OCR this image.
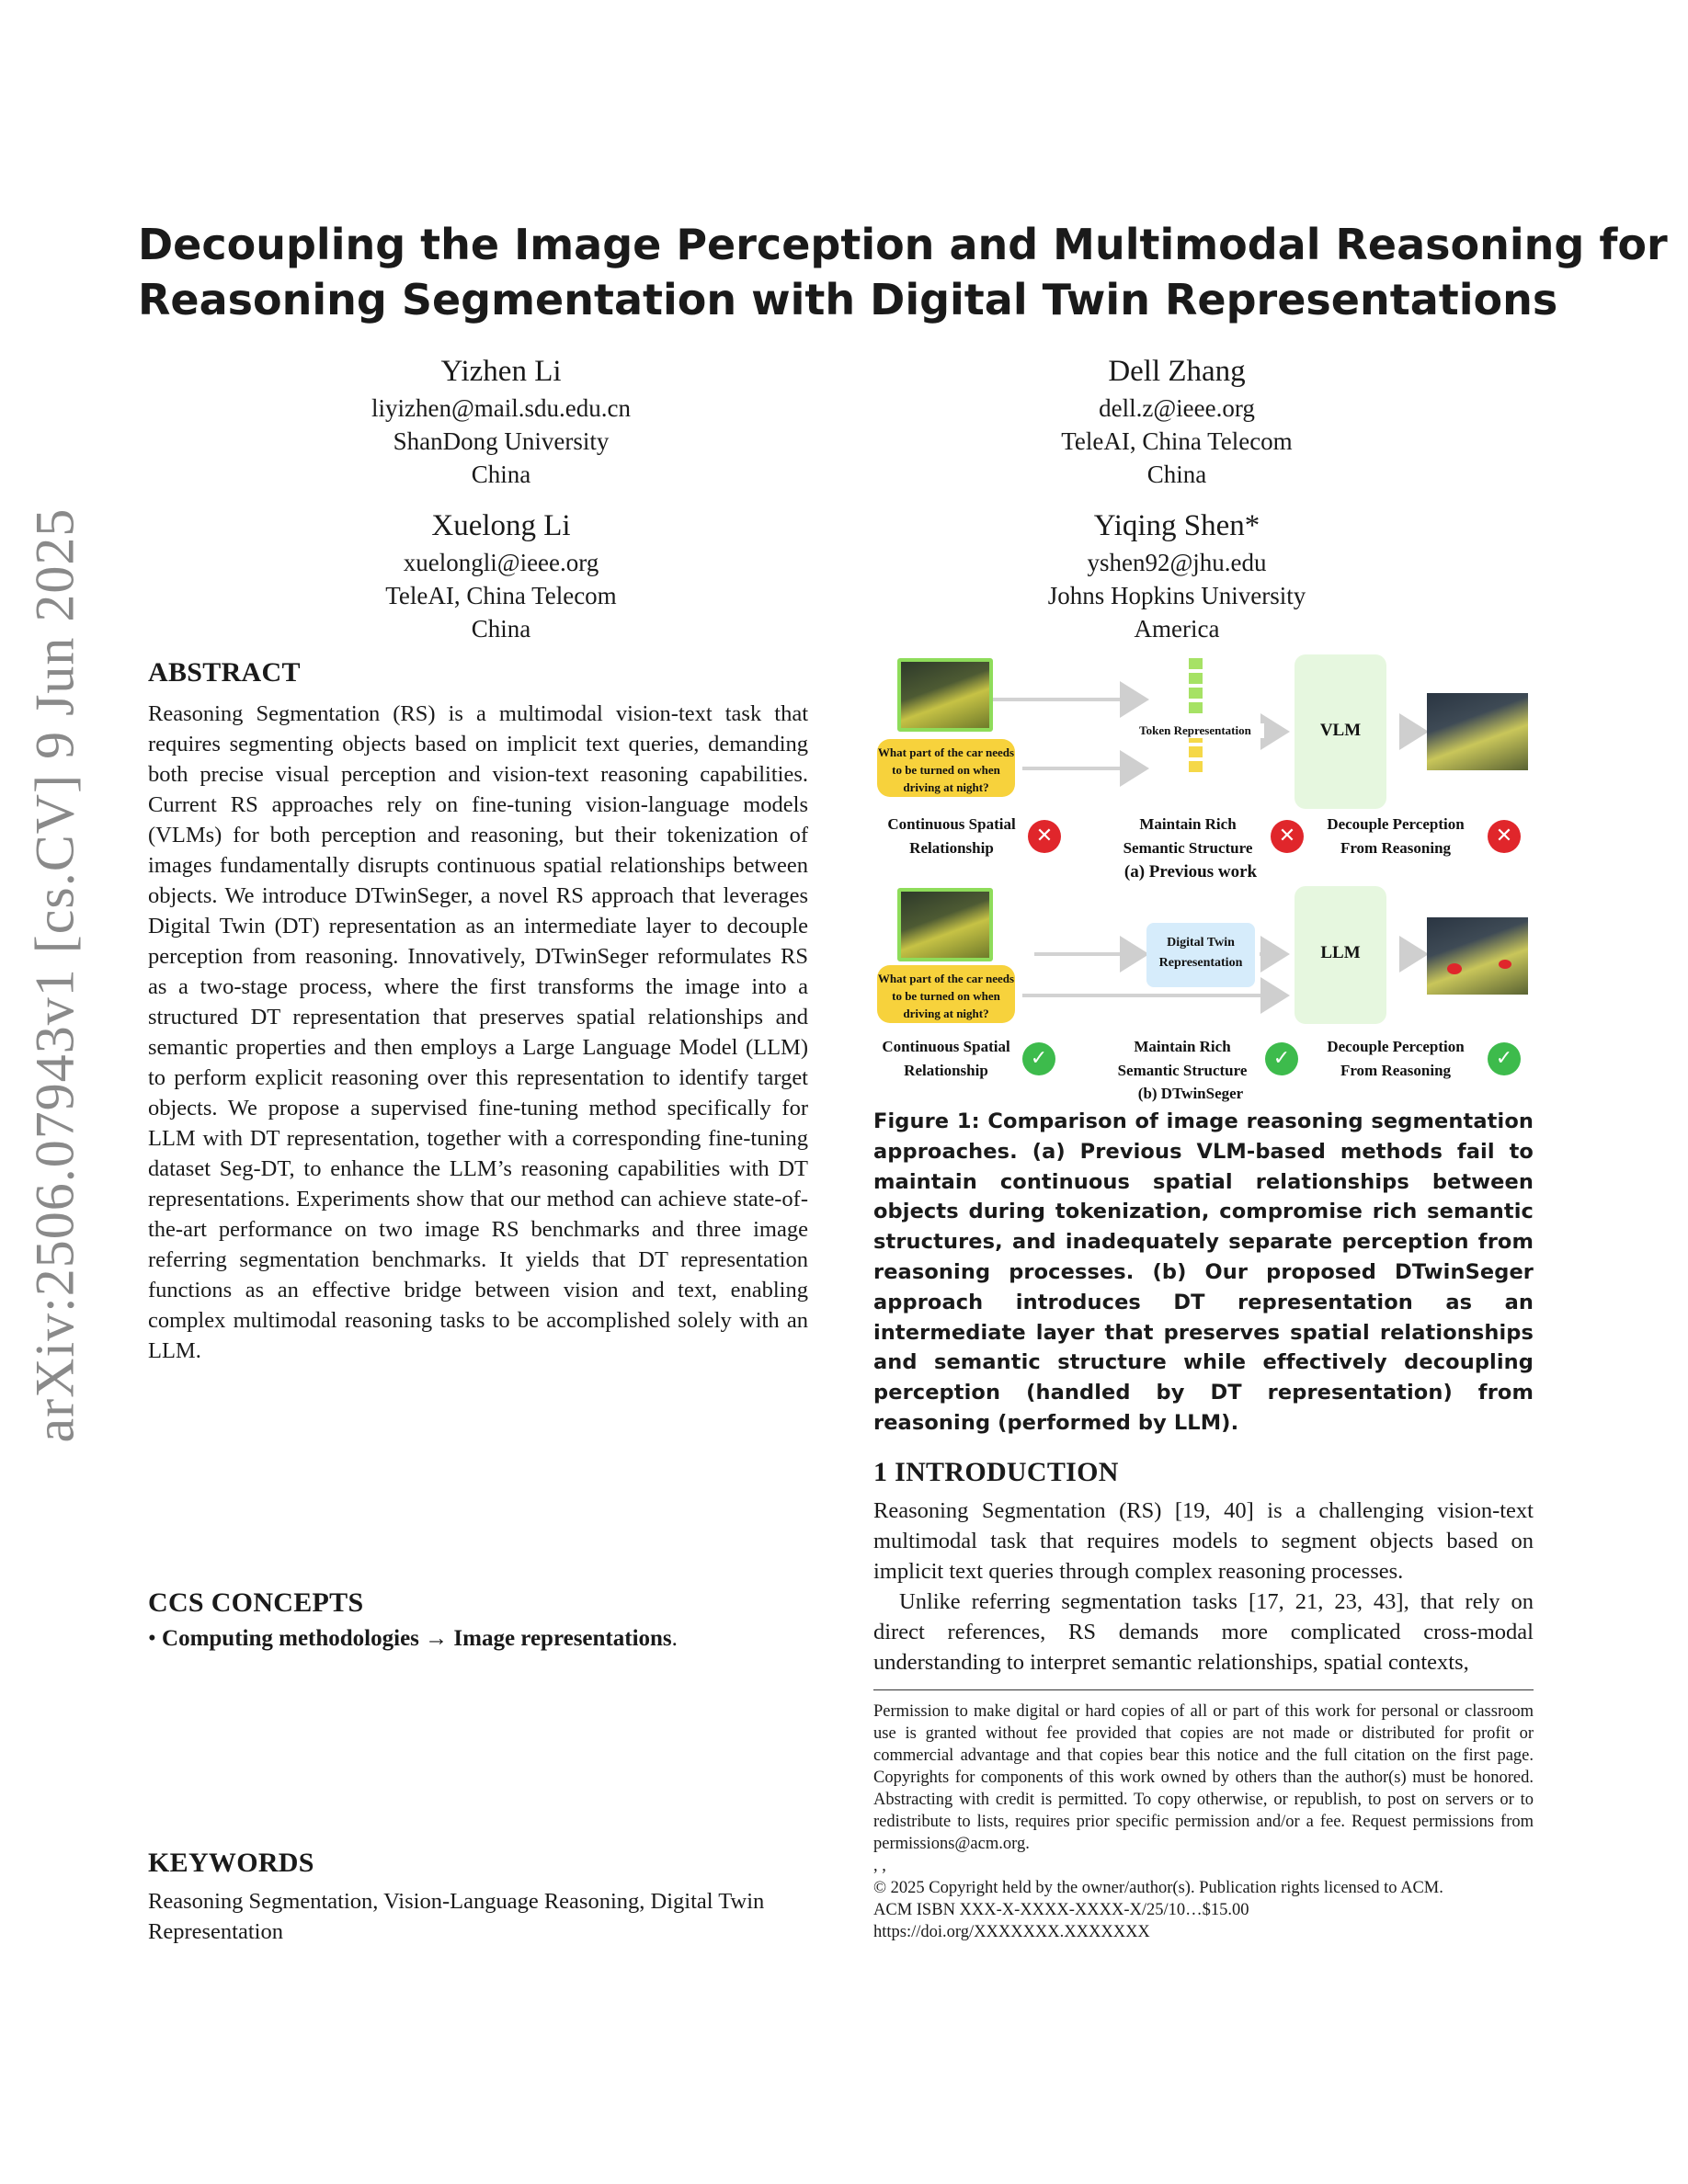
arXiv:2506.07943v1 [cs.CV] 9 Jun 2025
Decoupling the Image Perception and Multimodal Reasoning for
Reasoning Segmentation with Digital Twin Representations
Yizhen Li
liyizhen@mail.sdu.edu.cn
ShanDong University
China
Dell Zhang
dell.z@ieee.org
TeleAI, China Telecom
China
Xuelong Li
xuelongli@ieee.org
TeleAI, China Telecom
China
Yiqing Shen*
yshen92@jhu.edu
Johns Hopkins University
America
ABSTRACT

Reasoning Segmentation (RS) is a multimodal vision-text task that requires segmenting objects based on implicit text queries, demanding both precise visual perception and vision-text reasoning capabilities. Current RS approaches rely on fine-tuning vision-language models (VLMs) for both perception and reasoning, but their tokenization of images fundamentally disrupts continuous spatial relationships between objects. We introduce DTwinSeger, a novel RS approach that leverages Digital Twin (DT) representation as an intermediate layer to decouple perception from reasoning. Innovatively, DTwinSeger reformulates RS as a two-stage process, where the first transforms the image into a structured DT representation that preserves spatial relationships and semantic properties and then employs a Large Language Model (LLM) to perform explicit reasoning over this representation to identify target objects. We propose a supervised fine-tuning method specifically for LLM with DT representation, together with a corresponding fine-tuning dataset Seg-DT, to enhance the LLM’s reasoning capabilities with DT representations. Experiments show that our method can achieve state-of-the-art performance on two image RS benchmarks and three image referring segmentation benchmarks. It yields that DT representation functions as an effective bridge between vision and text, enabling complex multimodal reasoning tasks to be accomplished solely with an LLM.

CCS CONCEPTS
• Computing methodologies → Image representations.
KEYWORDS
Reasoning Segmentation, Vision-Language Reasoning, Digital Twin Representation
What part of the car needs to be turned on when driving at night?
Token Representation	VLM
Continuous Spatial Relationship
✕
Maintain Rich Semantic Structure
✕
Decouple Perception From Reasoning
✕
(a) Previous work
What part of the car needs to be turned on when driving at night?
Digital Twin Representation
LLM
Continuous Spatial Relationship
✓
Maintain Rich Semantic Structure
✓
Decouple Perception From Reasoning
✓
(b) DTwinSeger
Figure 1: Comparison of image reasoning segmentation approaches. (a) Previous VLM-based methods fail to maintain continuous spatial relationships between objects during tokenization, compromise rich semantic structures, and inadequately separate perception from reasoning processes. (b) Our proposed DTwinSeger approach introduces DT representation as an intermediate layer that preserves spatial relationships and semantic structure while effectively decoupling perception (handled by DT representation) from reasoning (performed by LLM).
1 INTRODUCTION

Reasoning Segmentation (RS) [19, 40] is a challenging vision-text multimodal task that requires models to segment objects based on implicit text queries through complex reasoning processes.

Unlike referring segmentation tasks [17, 21, 23, 43], that rely on direct references, RS demands more complicated cross-modal understanding to interpret semantic relationships, spatial contexts,

Permission to make digital or hard copies of all or part of this work for personal or classroom use is granted without fee provided that copies are not made or distributed for profit or commercial advantage and that copies bear this notice and the full citation on the first page. Copyrights for components of this work owned by others than the author(s) must be honored. Abstracting with credit is permitted. To copy otherwise, or republish, to post on servers or to redistribute to lists, requires prior specific permission and/or a fee. Request permissions from permissions@acm.org.

, ,

© 2025 Copyright held by the owner/author(s). Publication rights licensed to ACM.

ACM ISBN XXX-X-XXXX-XXXX-X/25/10…$15.00

https://doi.org/XXXXXXX.XXXXXXX
